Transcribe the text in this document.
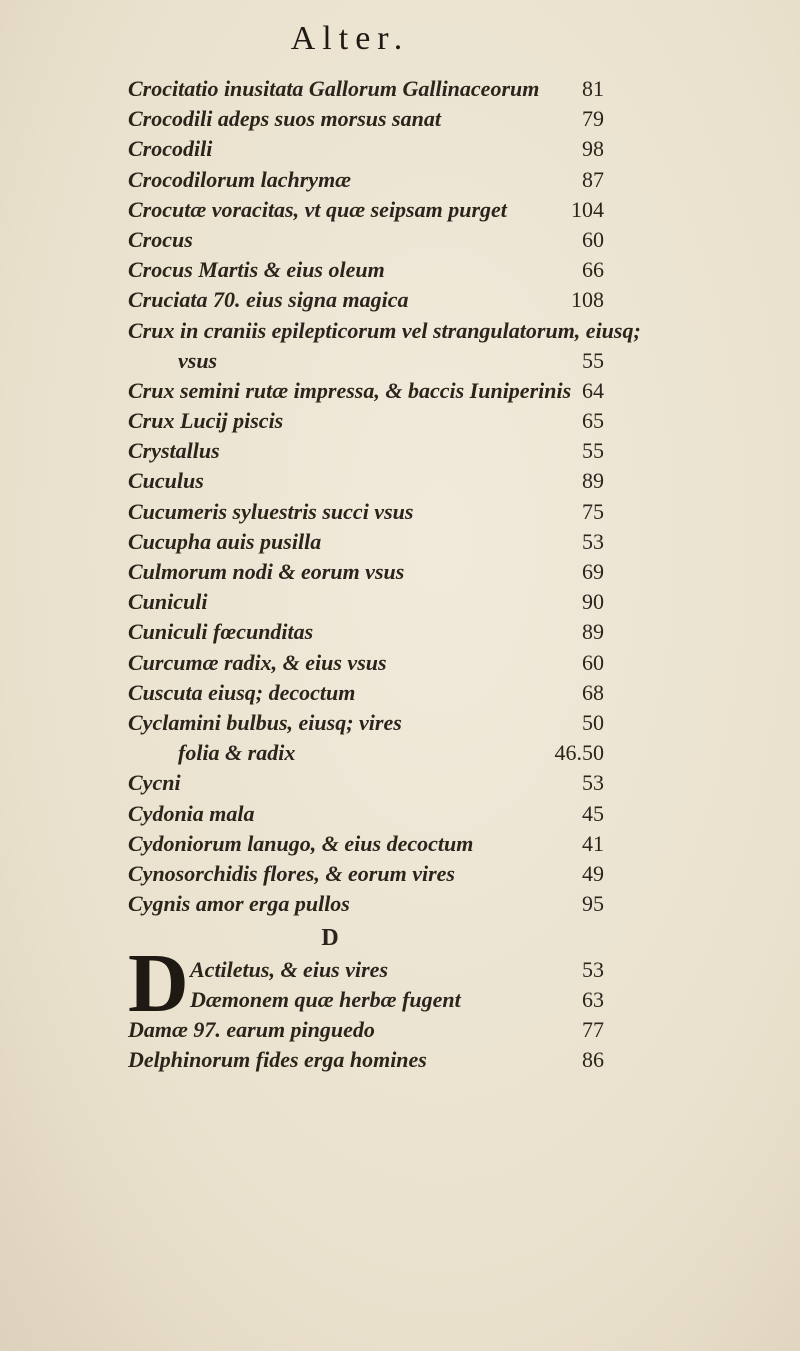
Alter.
Crocitatio inusitata Gallorum Gallinaceorum 81
Crocodili adeps suos morsus sanat	79
Crocodili	98
Crocodilorum lachrymæ	87
Crocutæ voracitas, vt quæ seipsam purget	104
Crocus	60
Crocus Martis & eius oleum	66
Cruciata 70. eius signa magica	108
Crux in craniis epilepticorum vel strangulatorum, eiusq;
vsus	55
Crux semini rutæ impressa, & baccis Iuniperinis 64
Crux Lucij piscis	65
Crystallus	55
Cuculus	89
Cucumeris syluestris succi vsus	75
Cucupha auis pusilla	53
Culmorum nodi & eorum vsus	69
Cuniculi	90
Cuniculi fœcunditas	89
Curcumæ radix, & eius vsus	60
Cuscuta eiusq; decoctum	68
Cyclamini bulbus, eiusq; vires	50
folia & radix	46.50
Cycni	53
Cydonia mala	45
Cydoniorum lanugo, & eius decoctum	41
Cynosorchidis flores, & eorum vires	49
Cygnis amor erga pullos	95
D
D Actiletus, & eius vires	53
Dæmonem quæ herbæ fugent	63
Damæ 97. earum pinguedo	77
Delphinorum fides erga homines	86
